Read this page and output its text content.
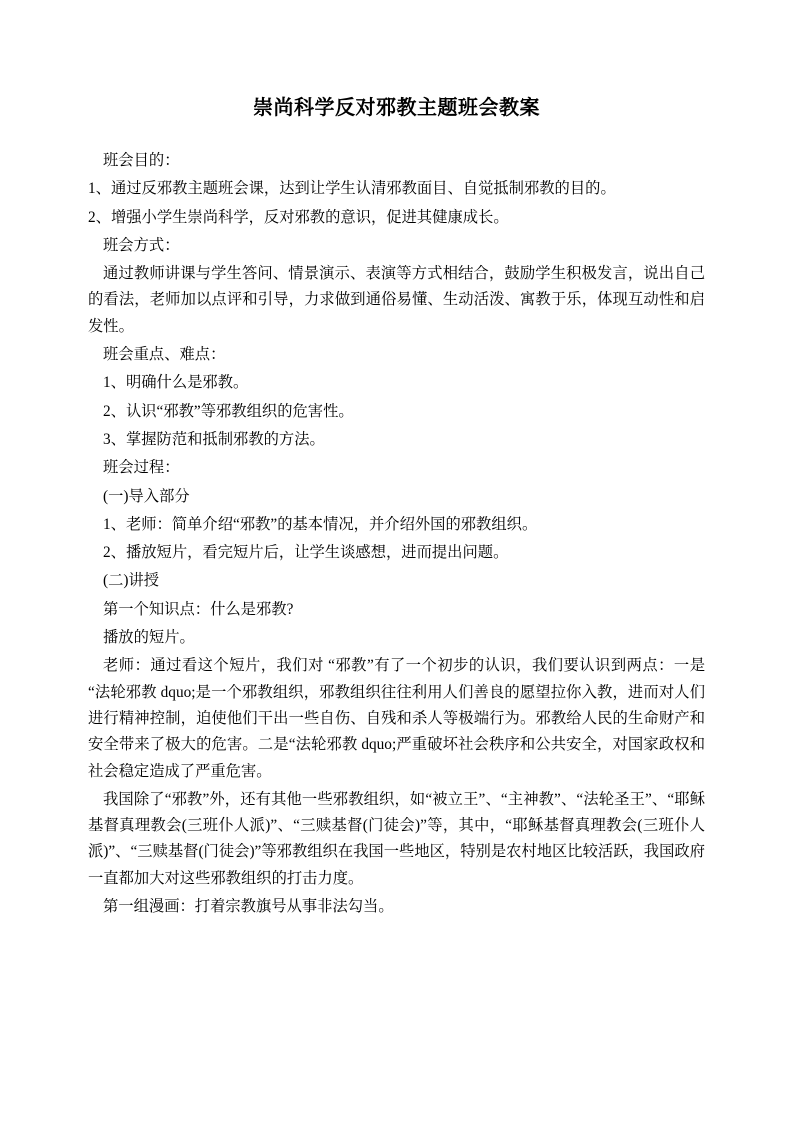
崇尚科学反对邪教主题班会教案

班会目的：

1、通过反邪教主题班会课，达到让学生认清邪教面目、自觉抵制邪教的目的。

2、增强小学生崇尚科学，反对邪教的意识，促进其健康成长。

班会方式：

通过教师讲课与学生答问、情景演示、表演等方式相结合，鼓励学生积极发言，说出自己的看法，老师加以点评和引导，力求做到通俗易懂、生动活泼、寓教于乐，体现互动性和启发性。

班会重点、难点：

1、明确什么是邪教。

2、认识“邪教”等邪教组织的危害性。

3、掌握防范和抵制邪教的方法。

班会过程：

(一)导入部分

1、老师：简单介绍“邪教”的基本情况，并介绍外国的邪教组织。

2、播放短片，看完短片后，让学生谈感想，进而提出问题。

(二)讲授

第一个知识点：什么是邪教?

播放的短片。

老师：通过看这个短片，我们对 “邪教”有了一个初步的认识，我们要认识到两点：一是“法轮邪教 dquo;是一个邪教组织，邪教组织往往利用人们善良的愿望拉你入教，进而对人们进行精神控制，迫使他们干出一些自伤、自残和杀人等极端行为。邪教给人民的生命财产和安全带来了极大的危害。二是“法轮邪教 dquo;严重破坏社会秩序和公共安全，对国家政权和社会稳定造成了严重危害。

我国除了“邪教”外，还有其他一些邪教组织，如“被立王”、“主神教”、“法轮圣王”、“耶稣基督真理教会(三班仆人派)”、“三赎基督(门徒会)”等，其中，“耶稣基督真理教会(三班仆人派)”、“三赎基督(门徒会)”等邪教组织在我国一些地区，特别是农村地区比较活跃，我国政府一直都加大对这些邪教组织的打击力度。

第一组漫画：打着宗教旗号从事非法勾当。
